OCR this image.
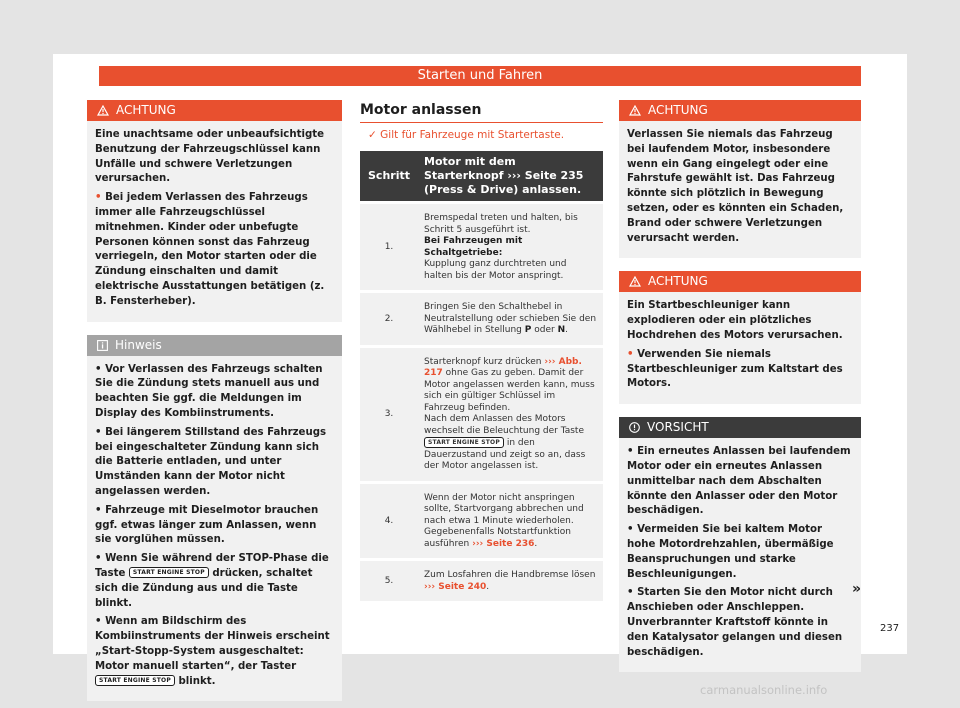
Starten und Fahren
ACHTUNG

Eine unachtsame oder unbeaufsichtigte Benutzung der Fahrzeugschlüssel kann Unfälle und schwere Verletzungen verursachen.

• Bei jedem Verlassen des Fahrzeugs immer alle Fahrzeugschlüssel mitnehmen. Kinder oder unbefugte Personen können sonst das Fahrzeug verriegeln, den Motor starten oder die Zündung einschalten und damit elektrische Ausstattungen betätigen (z. B. Fensterheber).

Hinweis

• Vor Verlassen des Fahrzeugs schalten Sie die Zündung stets manuell aus und beachten Sie ggf. die Meldungen im Display des Kombiinstruments.

• Bei längerem Stillstand des Fahrzeugs bei eingeschalteter Zündung kann sich die Batterie entladen, und unter Umständen kann der Motor nicht angelassen werden.

• Fahrzeuge mit Dieselmotor brauchen ggf. etwas länger zum Anlassen, wenn sie vorglühen müssen.

• Wenn Sie während der STOP-Phase die Taste START ENGINE STOP drücken, schaltet sich die Zündung aus und die Taste blinkt.

• Wenn am Bildschirm des Kombiinstruments der Hinweis erscheint „Start-Stopp-System ausgeschaltet: Motor manuell starten“, der Taster START ENGINE STOP blinkt.

Motor anlassen
✓ Gilt für Fahrzeuge mit Startertaste.
Schritt	Motor mit dem Starterknopf ››› Seite 235 (Press & Drive) anlassen.
1.	Bremspedal treten und halten, bis Schritt 5 ausgeführt ist.
Bei Fahrzeugen mit Schaltgetriebe:
Kupplung ganz durchtreten und halten bis der Motor anspringt.
2.	Bringen Sie den Schalthebel in Neutralstellung oder schieben Sie den Wählhebel in Stellung P oder N.
3.	Starterknopf kurz drücken ››› Abb. 217 ohne Gas zu geben. Damit der Motor angelassen werden kann, muss sich ein gültiger Schlüssel im Fahrzeug befinden.
Nach dem Anlassen des Motors wechselt die Beleuchtung der Taste START ENGINE STOP in den Dauerzustand und zeigt so an, dass der Motor angelassen ist.
4.	Wenn der Motor nicht anspringen sollte, Startvorgang abbrechen und nach etwa 1 Minute wiederholen. Gegebenenfalls Notstartfunktion ausführen ››› Seite 236.
5.	Zum Losfahren die Handbremse lösen ››› Seite 240.
ACHTUNG

Verlassen Sie niemals das Fahrzeug bei laufendem Motor, insbesondere wenn ein Gang eingelegt oder eine Fahrstufe gewählt ist. Das Fahrzeug könnte sich plötzlich in Bewegung setzen, oder es könnten ein Schaden, Brand oder schwere Verletzungen verursacht werden.

ACHTUNG

Ein Startbeschleuniger kann explodieren oder ein plötzliches Hochdrehen des Motors verursachen.

• Verwenden Sie niemals Startbeschleuniger zum Kaltstart des Motors.

VORSICHT

• Ein erneutes Anlassen bei laufendem Motor oder ein erneutes Anlassen unmittelbar nach dem Abschalten könnte den Anlasser oder den Motor beschädigen.

• Vermeiden Sie bei kaltem Motor hohe Motordrehzahlen, übermäßige Beanspruchungen und starke Beschleunigungen.

• Starten Sie den Motor nicht durch Anschieben oder Anschleppen. Unverbrannter Kraftstoff könnte in den Katalysator gelangen und diesen beschädigen.

»
237
carmanualsonline.info
